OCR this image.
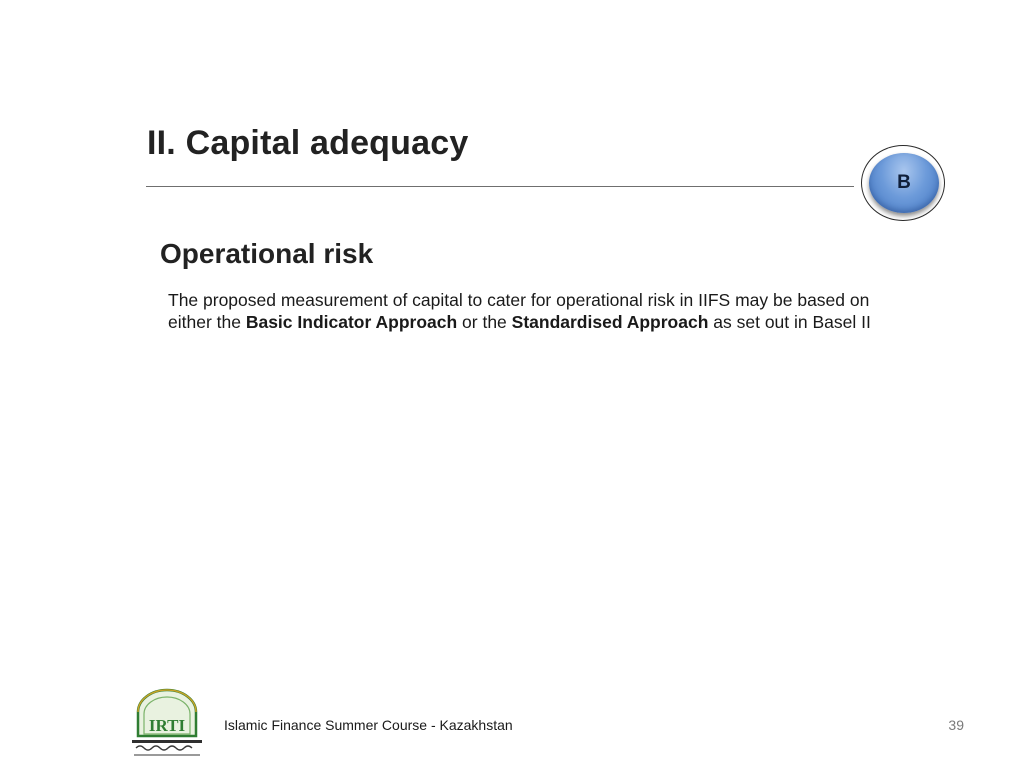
II. Capital adequacy
B
Operational risk
The proposed measurement of capital to cater for operational risk in IIFS may be based on either the Basic Indicator Approach or the Standardised Approach as set out in Basel II
IRTI	Islamic Finance Summer Course - Kazakhstan	39
